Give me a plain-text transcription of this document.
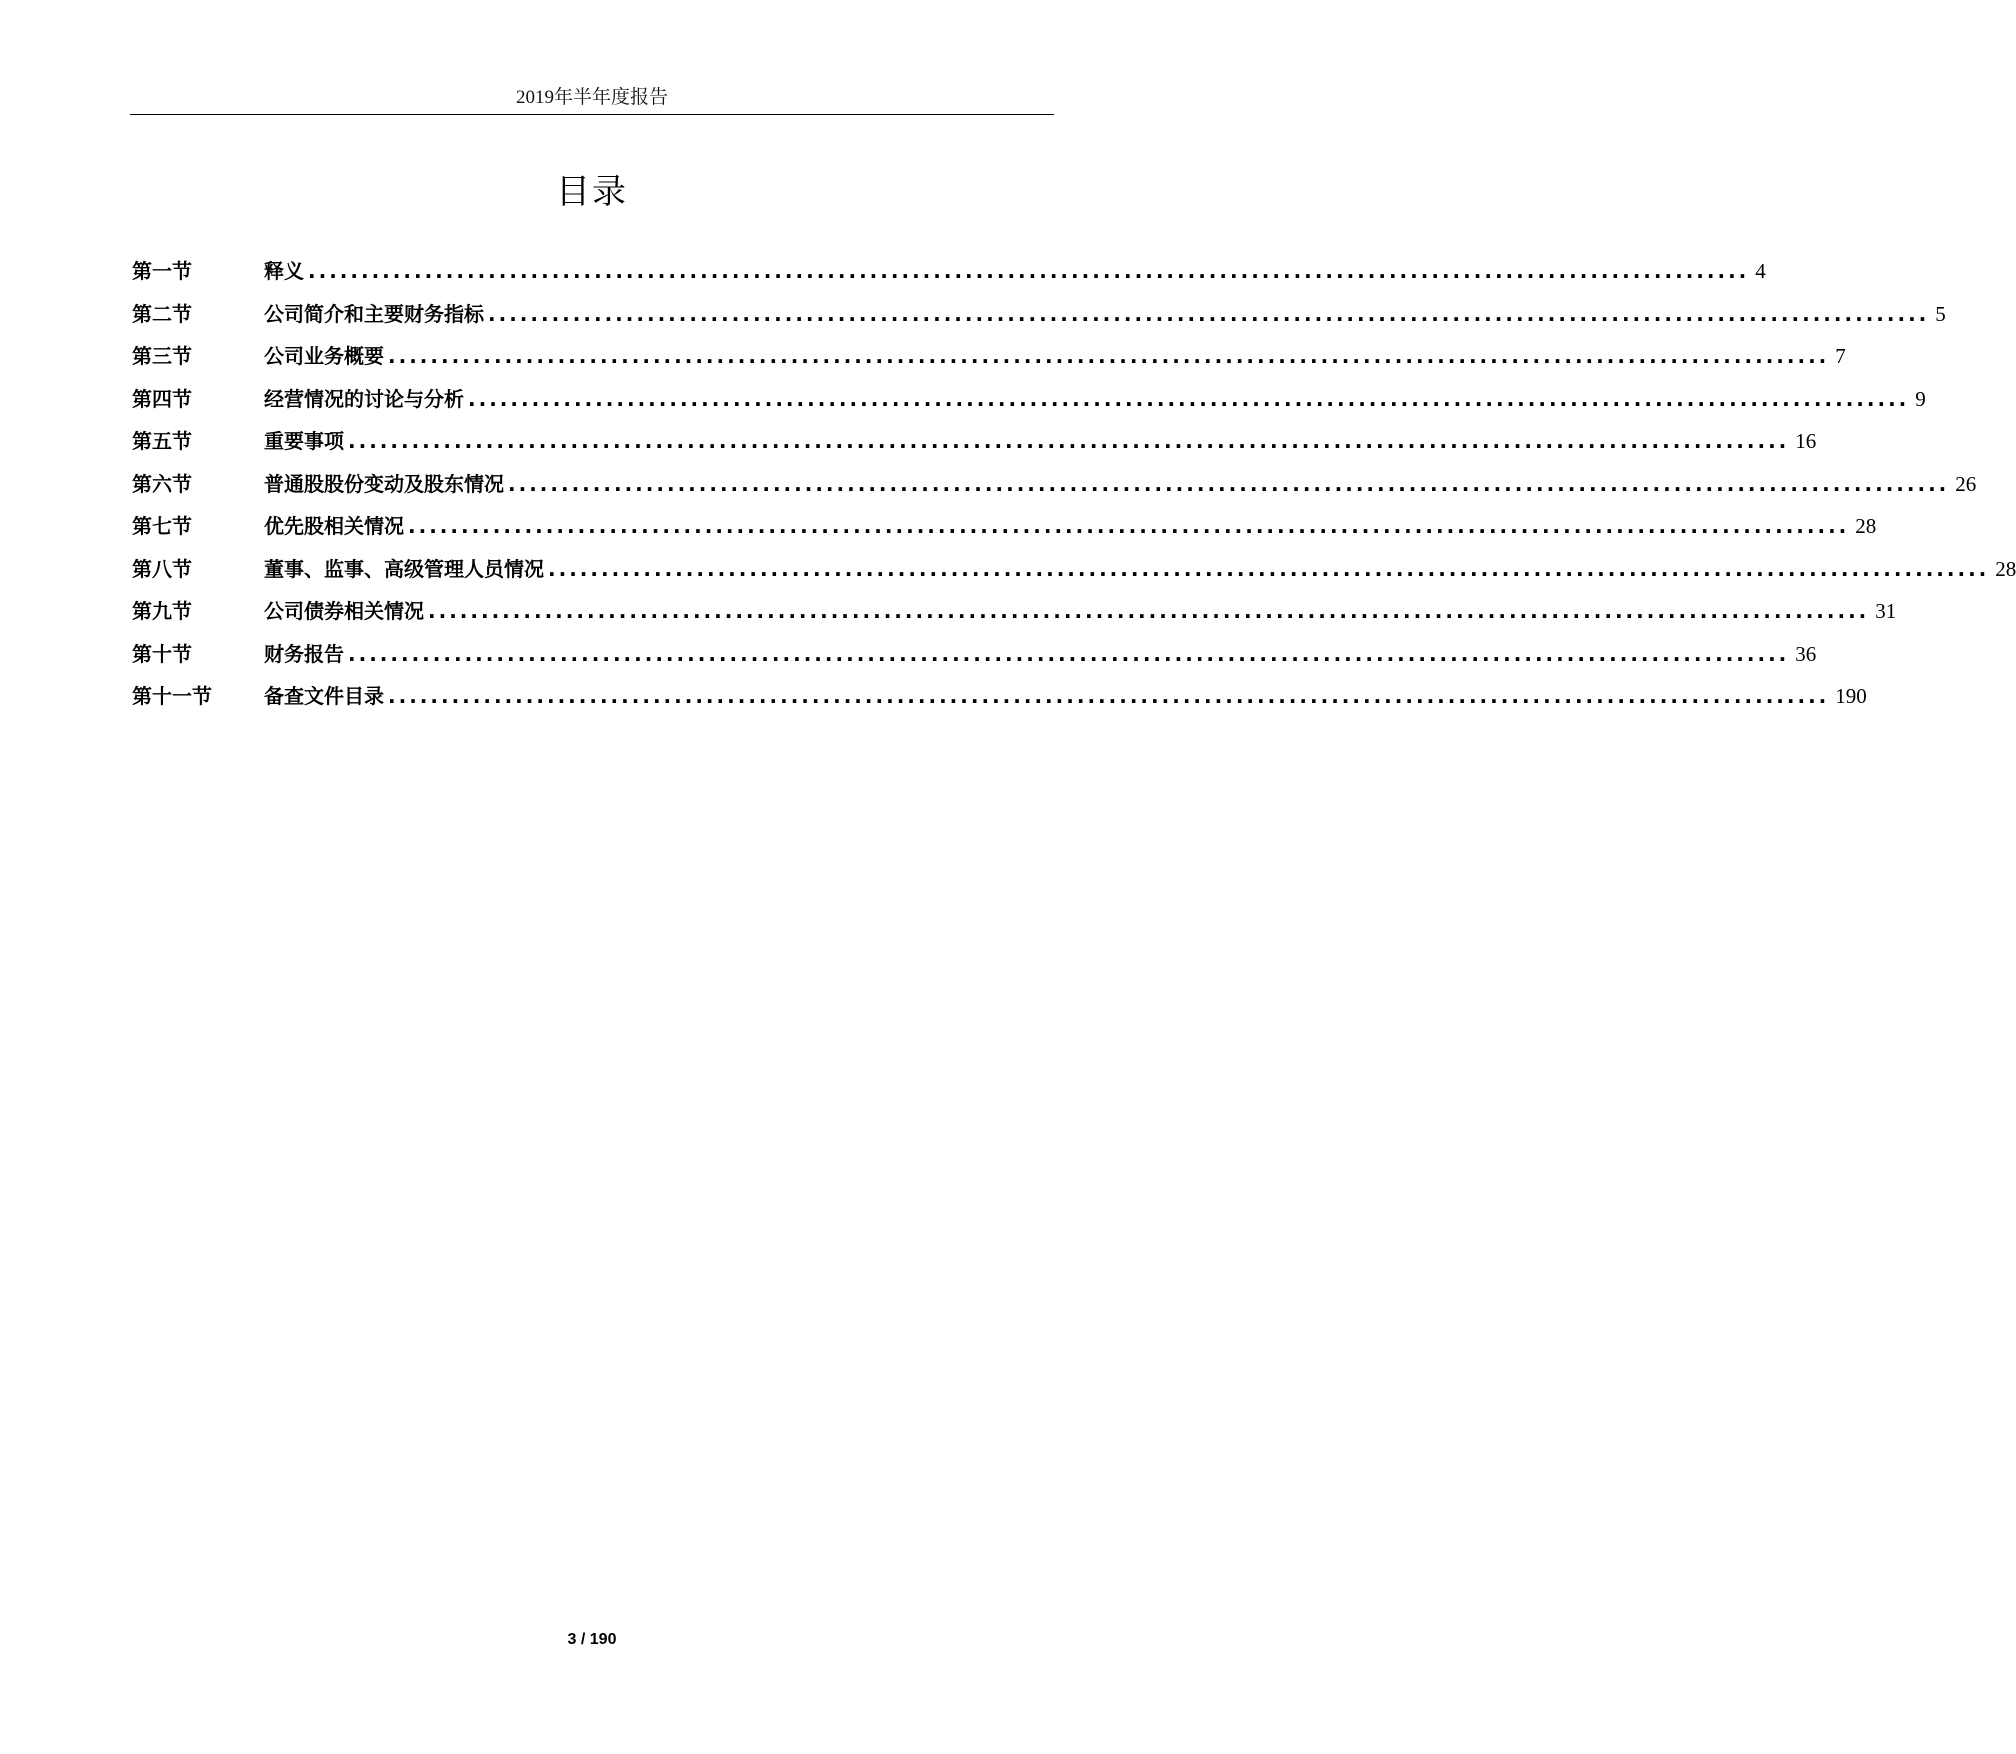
2019年半年度报告
目录
第一节	释义 ........................................................................................................................................ 4
第二节	公司简介和主要财务指标 ........................................................................................................................................ 5
第三节	公司业务概要 ........................................................................................................................................ 7
第四节	经营情况的讨论与分析 ........................................................................................................................................ 9
第五节	重要事项 ........................................................................................................................................ 16
第六节	普通股股份变动及股东情况 ........................................................................................................................................ 26
第七节	优先股相关情况 ........................................................................................................................................ 28
第八节	董事、监事、高级管理人员情况 ........................................................................................................................................ 28
第九节	公司债券相关情况 ........................................................................................................................................ 31
第十节	财务报告 ........................................................................................................................................ 36
第十一节	备查文件目录 ........................................................................................................................................ 190
3 / 190
